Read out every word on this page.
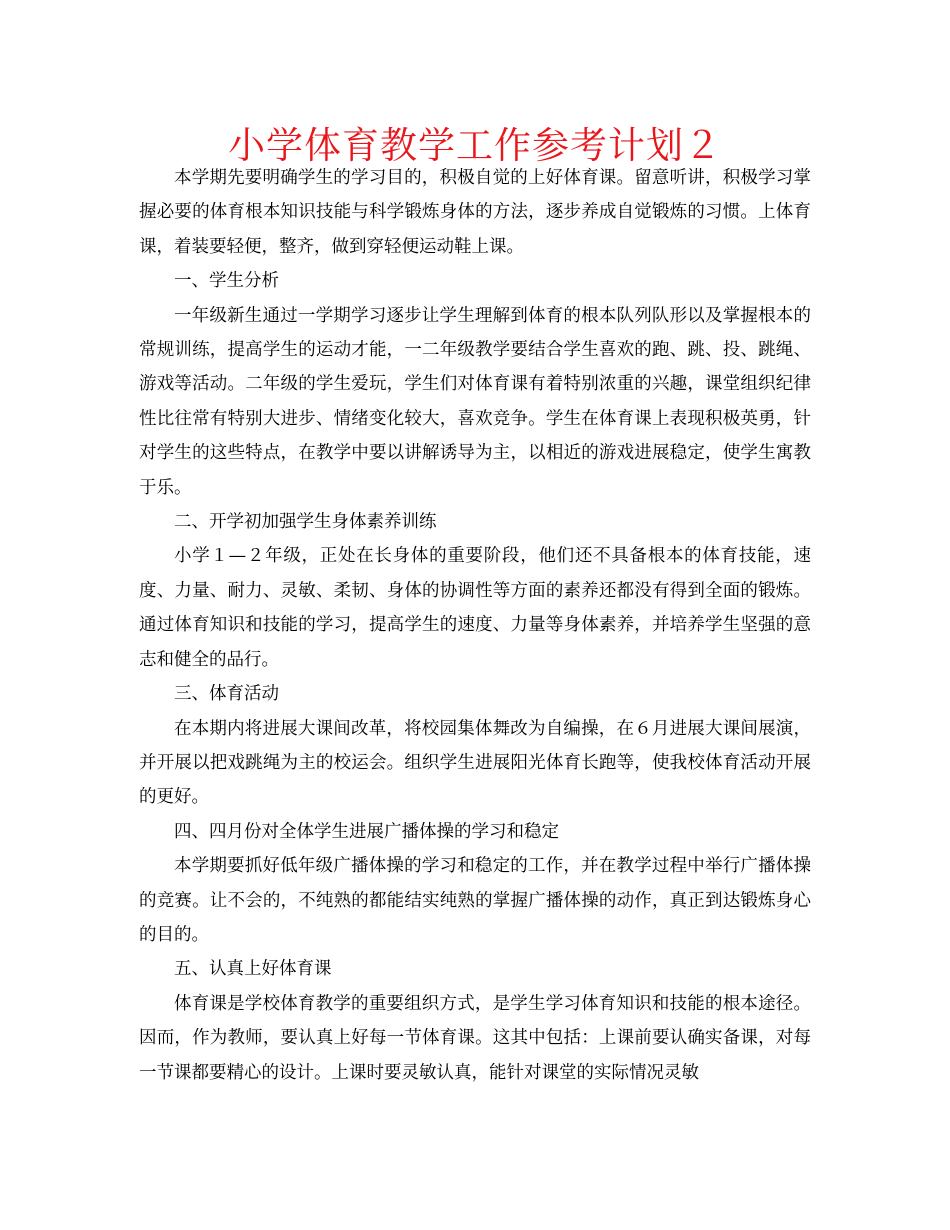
小学体育教学工作参考计划２

本学期先要明确学生的学习目的，积极自觉的上好体育课。留意听讲，积极学习掌握必要的体育根本知识技能与科学锻炼身体的方法，逐步养成自觉锻炼的习惯。上体育课，着装要轻便，整齐，做到穿轻便运动鞋上课。

一、学生分析

一年级新生通过一学期学习逐步让学生理解到体育的根本队列队形以及掌握根本的常规训练，提高学生的运动才能，一二年级教学要结合学生喜欢的跑、跳、投、跳绳、游戏等活动。二年级的学生爱玩，学生们对体育课有着特别浓重的兴趣，课堂组织纪律性比往常有特别大进步、情绪变化较大，喜欢竞争。学生在体育课上表现积极英勇，针对学生的这些特点，在教学中要以讲解诱导为主，以相近的游戏进展稳定，使学生寓教于乐。

二、开学初加强学生身体素养训练

小学１—２年级，正处在长身体的重要阶段，他们还不具备根本的体育技能，速度、力量、耐力、灵敏、柔韧、身体的协调性等方面的素养还都没有得到全面的锻炼。通过体育知识和技能的学习，提高学生的速度、力量等身体素养，并培养学生坚强的意志和健全的品行。

三、体育活动

在本期内将进展大课间改革，将校园集体舞改为自编操，在６月进展大课间展演，并开展以把戏跳绳为主的校运会。组织学生进展阳光体育长跑等，使我校体育活动开展的更好。

四、四月份对全体学生进展广播体操的学习和稳定

本学期要抓好低年级广播体操的学习和稳定的工作，并在教学过程中举行广播体操的竞赛。让不会的，不纯熟的都能结实纯熟的掌握广播体操的动作，真正到达锻炼身心的目的。

五、认真上好体育课

体育课是学校体育教学的重要组织方式，是学生学习体育知识和技能的根本途径。因而，作为教师，要认真上好每一节体育课。这其中包括：上课前要认确实备课，对每一节课都要精心的设计。上课时要灵敏认真，能针对课堂的实际情况灵敏
